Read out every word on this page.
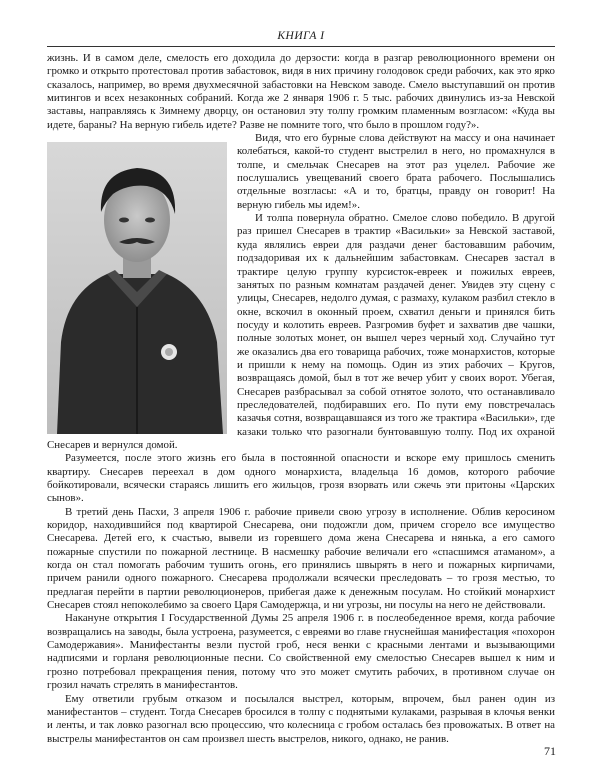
КНИГА I

жизнь. И в самом деле, смелость его доходила до дерзости: когда в разгар революционного времени он громко и открыто протестовал против забастовок, видя в них причину голодовок среди рабочих, как это ярко сказалось, например, во время двухмесячной забастовки на Невском заводе. Смело выступавший он против митингов и всех незаконных собраний. Когда же 2 января 1906 г. 5 тыс. рабочих двинулись из-за Невской заставы, направляясь к Зимнему дворцу, он остановил эту толпу громким пламенным возгласом: «Куда вы идете, бараны? На верную гибель идете? Разве не помните того, что было в прошлом году?».

Видя, что его бурные слова действуют на массу и она начинает колебаться, какой-то студент выстрелил в него, но промахнулся в толпе, и смельчак Снесарев на этот раз уцелел. Рабочие же послушались увещеваний своего брата рабочего. Послышались отдельные возгласы: «А и то, братцы, правду он говорит! На верную гибель мы идем!».

И толпа повернула обратно. Смелое слово победило. В другой раз пришел Снесарев в трактир «Васильки» за Невской заставой, куда являлись евреи для раздачи денег бастовавшим рабочим, подзадоривая их к дальнейшим забастовкам. Снесарев застал в трактире целую группу курсисток-евреек и пожилых евреев, занятых по разным комнатам раздачей денег. Увидев эту сцену с улицы, Снесарев, недолго думая, с размаху, кулаком разбил стекло в окне, вскочил в оконный проем, схватил деньги и принялся бить посуду и колотить евреев. Разгромив буфет и захватив две чашки, полные золотых монет, он вышел через черный ход. Случайно тут же оказались два его товарища рабочих, тоже монархистов, которые и пришли к нему на помощь. Один из этих рабочих – Кругов, возвращаясь домой, был в тот же вечер убит у своих ворот. Убегая, Снесарев разбрасывал за собой отнятое золото, что останавливало преследователей, подбиравших его. По пути ему повстречалась казачья сотня, возвращавшаяся из того же трактира «Васильки», где казаки только что разогнали бунтовавшую толпу. Под их охраной Снесарев и вернулся домой.

Разумеется, после этого жизнь его была в постоянной опасности и вскоре ему пришлось сменить квартиру. Снесарев переехал в дом одного монархиста, владельца 16 домов, которого рабочие бойкотировали, всячески стараясь лишить его жильцов, грозя взорвать или сжечь эти притоны «Царских сынов».

В третий день Пасхи, 3 апреля 1906 г. рабочие привели свою угрозу в исполнение. Облив керосином коридор, находившийся под квартирой Снесарева, они подожгли дом, причем сгорело все имущество Снесарева. Детей его, к счастью, вывели из горевшего дома жена Снесарева и нянька, а его самого пожарные спустили по пожарной лестнице. В насмешку рабочие величали его «спасшимся атаманом», а когда он стал помогать рабочим тушить огонь, его принялись швырять в него и пожарных кирпичами, причем ранили одного пожарного. Снесарева продолжали всячески преследовать – то грозя местью, то предлагая перейти в партии революционеров, прибегая даже к денежным посулам. Но стойкий монархист Снесарев стоял непоколебимо за своего Царя Самодержца, и ни угрозы, ни посулы на него не действовали.

Накануне открытия I Государственной Думы 25 апреля 1906 г. в послеобеденное время, когда рабочие возвращались на заводы, была устроена, разумеется, с евреями во главе гнуснейшая манифестация «похорон Самодержавия». Манифестанты везли пустой гроб, неся венки с красными лентами и вызывающими надписями и горланя революционные песни. Со свойственной ему смелостью Снесарев вышел к ним и грозно потребовал прекращения пения, потому что это может смутить рабочих, в противном случае он грозил начать стрелять в манифестантов.

Ему ответили грубым отказом и посылался выстрел, которым, впрочем, был ранен один из манифестантов – студент. Тогда Снесарев бросился в толпу с поднятыми кулаками, разрывая в клочья венки и ленты, и так ловко разогнал всю процессию, что колесница с гробом осталась без провожатых. В ответ на выстрелы манифестантов он сам произвел шесть выстрелов, никого, однако, не ранив.

71
